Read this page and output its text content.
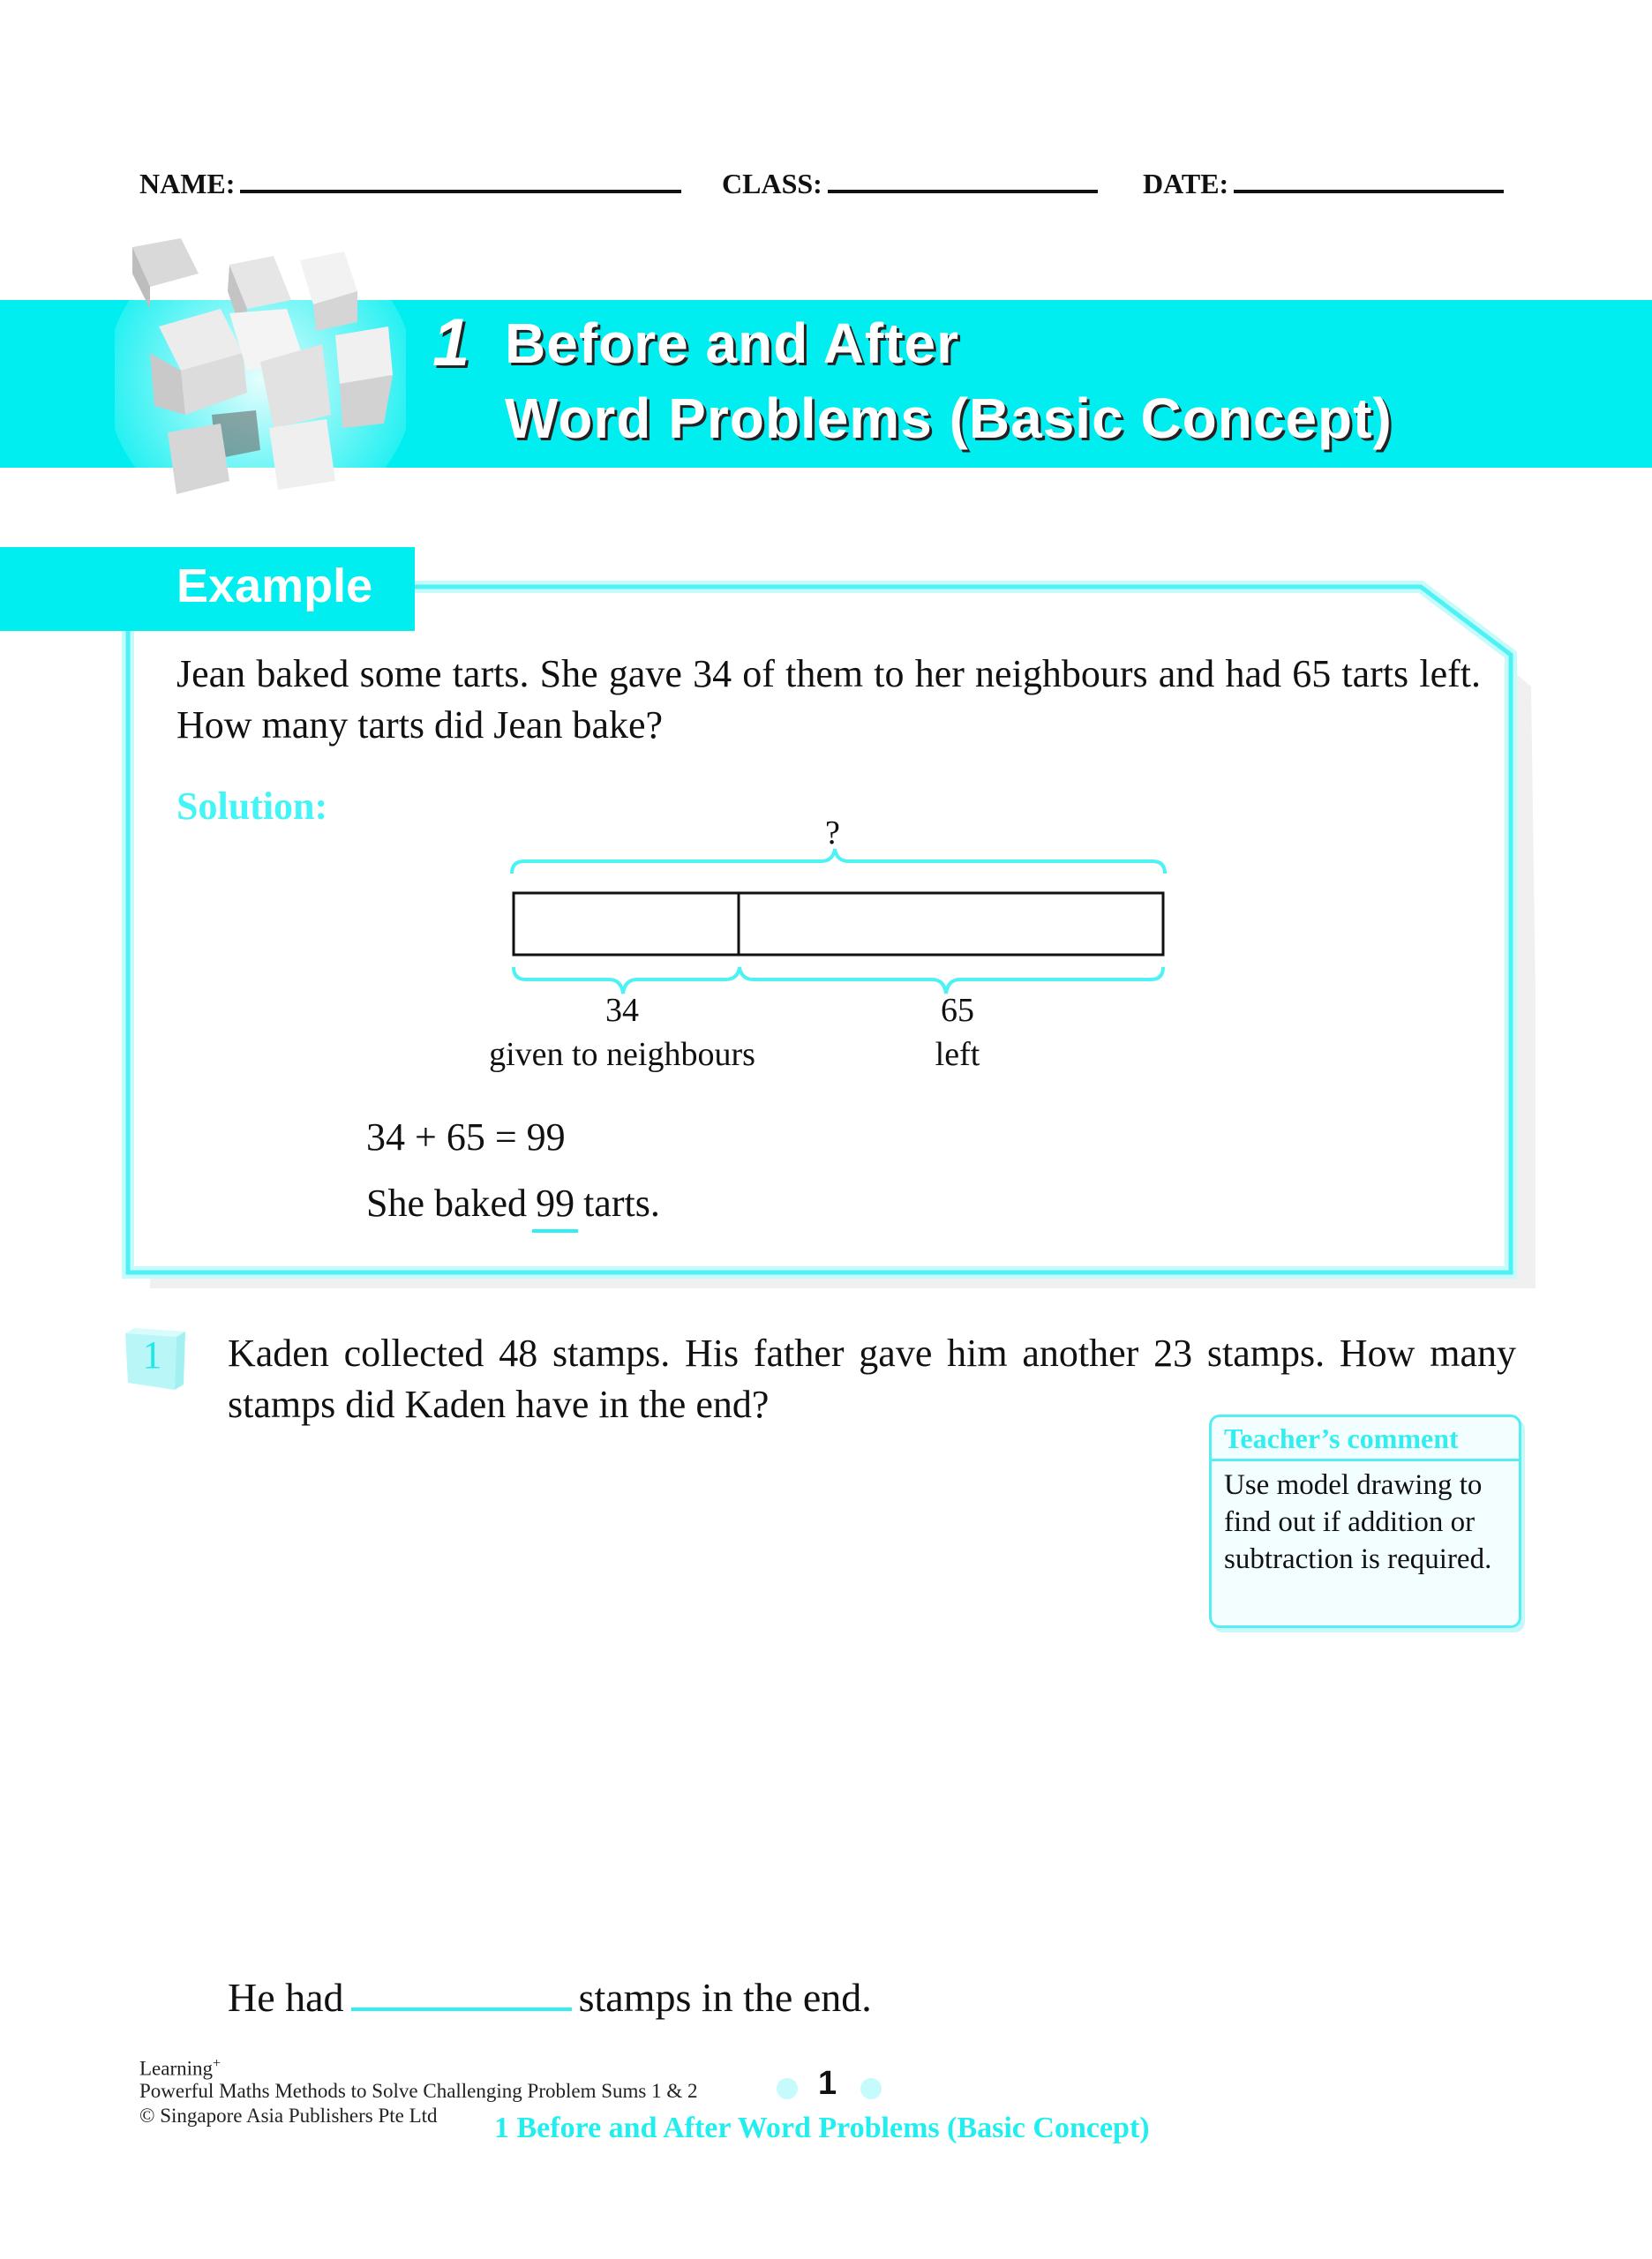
NAME:	CLASS:	DATE:
1 Before and After
Word Problems (Basic Concept)
Example
Jean baked some tarts. She gave 34 of them to her neighbours and had 65 tarts left. How many tarts did Jean bake?
Solution:
?
34
given to neighbours
65
left
34 + 65 = 99
She baked 99 tarts.
1 Kaden collected 48 stamps. His father gave him another 23 stamps. How many stamps did Kaden have in the end?
Teacher’s comment
Use model drawing to find out if addition or subtraction is required.
He had	stamps in the end.
Learning+
Powerful Maths Methods to Solve Challenging Problem Sums 1 & 2
© Singapore Asia Publishers Pte Ltd
1
1 Before and After Word Problems (Basic Concept)
